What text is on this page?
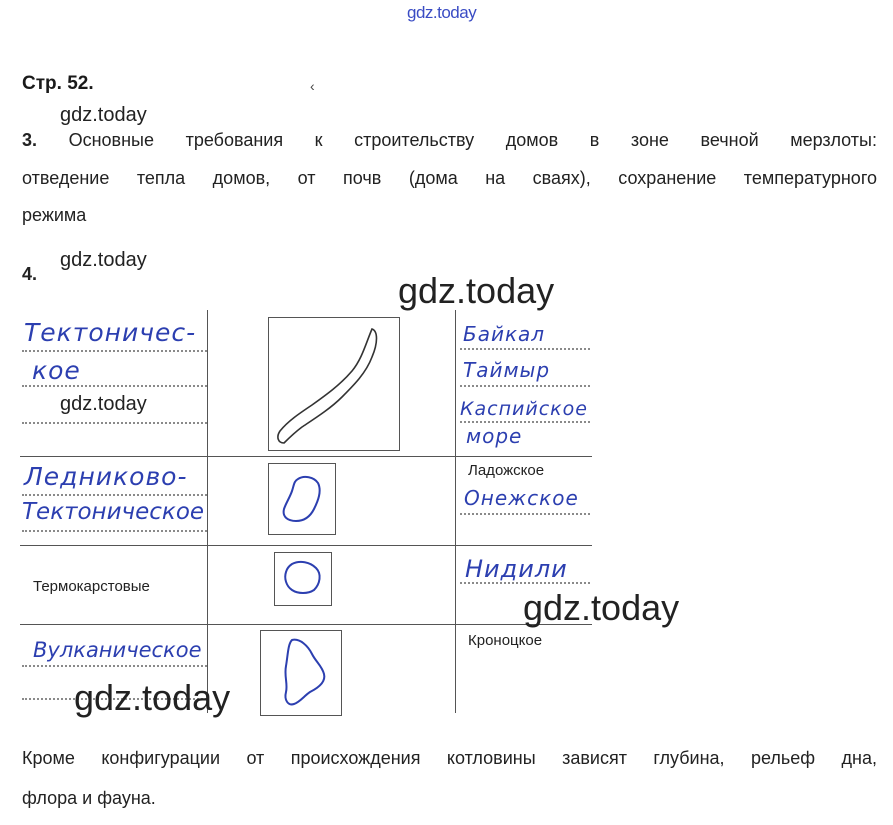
gdz.today
gdz.today
gdz.today
gdz.today
Стр. 52.	‹
3. Основные требования к строительству домов в зоне вечной мерзлоты:
отведение тепла домов, от почв (дома на сваях), сохранение температурного
режима
4.
Тектоничес-
кое
Байкал
Таймыр
Каспийское
море
Ледниково-
Тектоническое
Ладожское
Онежское
Термокарстовые
Нидили
Вулканическое	Кроноцкое
gdz.today
gdz.today
gdz.today
Кроме конфигурации от происхождения котловины зависят глубина, рельеф дна,
флора и фауна.
